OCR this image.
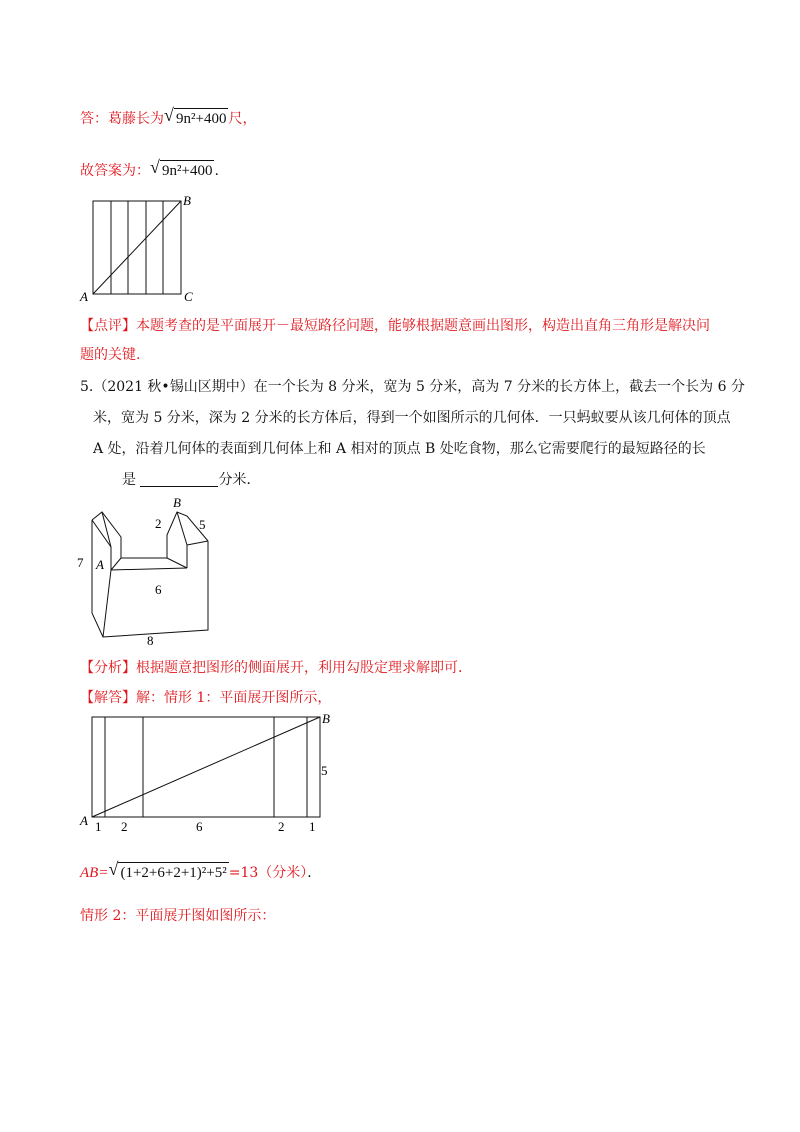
答：葛藤长为 √ 9n²+400 尺，
故答案为： √ 9n²+400 .
A
B
C
【点评】本题考查的是平面展开－最短路径问题，能够根据题意画出图形，构造出直角三角形是解决问
题的关键.
5.（2021 秋•锡山区期中）在一个长为 8 分米，宽为 5 分米，高为 7 分米的长方体上，截去一个长为 6 分
米，宽为 5 分米，深为 2 分米的长方体后，得到一个如图所示的几何体．一只蚂蚁要从该几何体的顶点
A 处，沿着几何体的表面到几何体上和 A 相对的顶点 B 处吃食物，那么它需要爬行的最短路径的长
是	分米．
7 A
2
B
5
6
8
【分析】根据题意把图形的侧面展开，利用勾股定理求解即可．
【解答】解：情形 1：平面展开图所示，
A
B
1 2	6	2 1
5
AB= √ (1+2+6+2+1)²+5² =13（分米）．
情形 2：平面展开图如图所示：
